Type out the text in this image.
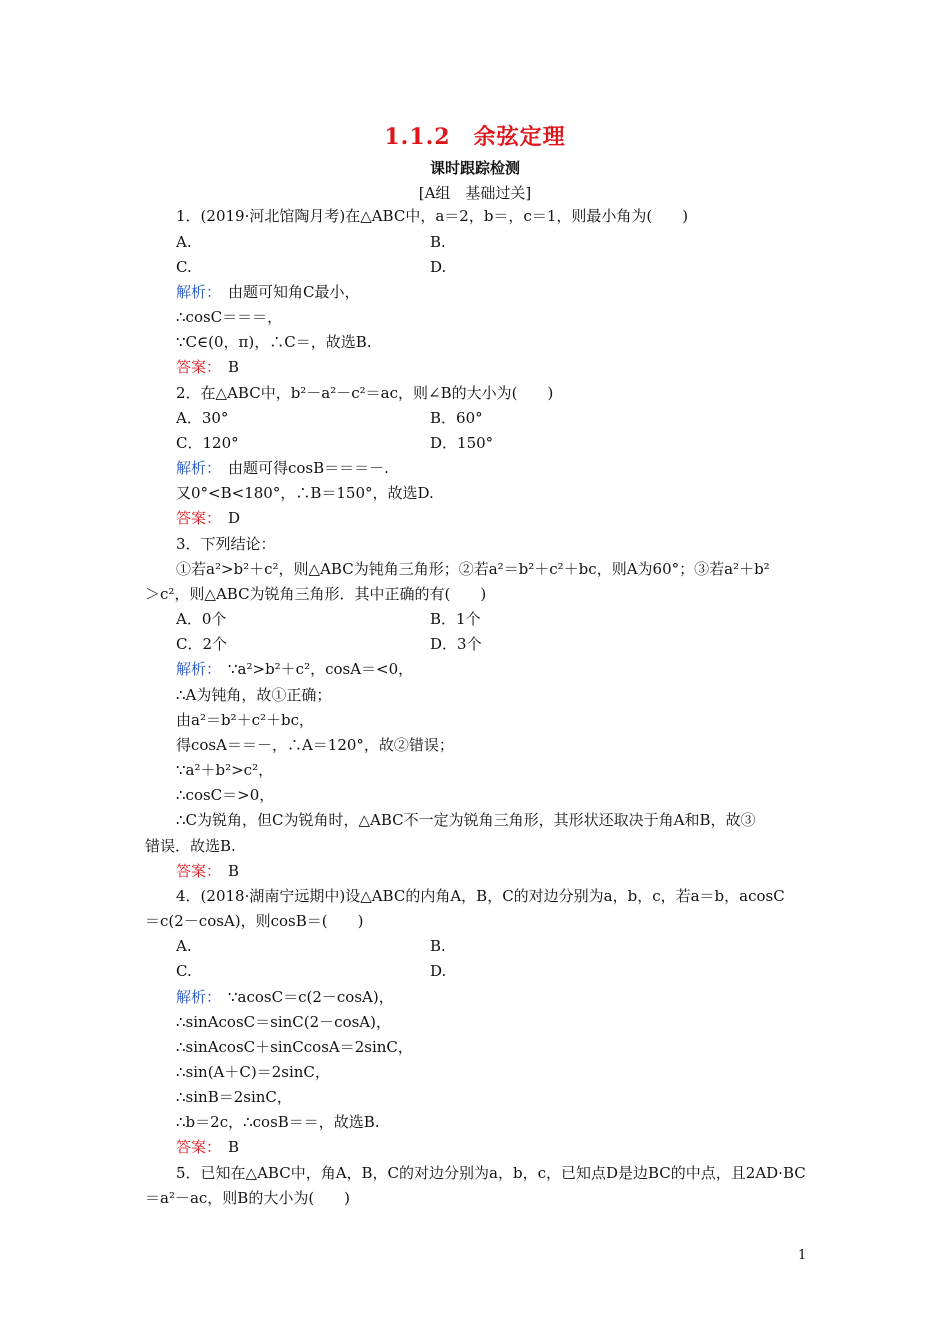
1.1.2　余弦定理
课时跟踪检测
[A组　基础过关]
1．(2019·河北馆陶月考)在△ABC中，a＝2，b＝，c＝1，则最小角为(　　)
A.	B.
C.	D.
解析： 由题可知角C最小，
∴cosC＝＝＝，
∵C∈(0，π)，∴C＝，故选B.
答案： B
2．在△ABC中，b²－a²－c²＝ac，则∠B的大小为(　　)
A．30°	B．60°
C．120°	D．150°
解析： 由题可得cosB＝＝＝－.
又0°<B<180°，∴B＝150°，故选D.
答案： D
3．下列结论：
①若a²>b²＋c²，则△ABC为钝角三角形；②若a²＝b²＋c²＋bc，则A为60°；③若a²＋b²
＞c²，则△ABC为锐角三角形．其中正确的有(　　)
A．0个	B．1个
C．2个	D．3个
解析： ∵a²>b²＋c²，cosA＝<0，
∴A为钝角，故①正确；
由a²＝b²＋c²＋bc，
得cosA＝＝－，∴A＝120°，故②错误；
∵a²＋b²>c²，
∴cosC＝>0，
∴C为锐角，但C为锐角时，△ABC不一定为锐角三角形，其形状还取决于角A和B，故③
错误．故选B.
答案： B
4．(2018·湖南宁远期中)设△ABC的内角A，B，C的对边分别为a，b，c，若a＝b，acosC
＝c(2－cosA)，则cosB＝(　　)
A.	B.
C.	D.
解析： ∵acosC＝c(2－cosA)，
∴sinAcosC＝sinC(2－cosA)，
∴sinAcosC＋sinCcosA＝2sinC，
∴sin(A＋C)＝2sinC，
∴sinB＝2sinC，
∴b＝2c，∴cosB＝＝，故选B.
答案： B
5．已知在△ABC中，角A，B，C的对边分别为a，b，c，已知点D是边BC的中点，且2AD·BC
＝a²－ac，则B的大小为(　　)
1
